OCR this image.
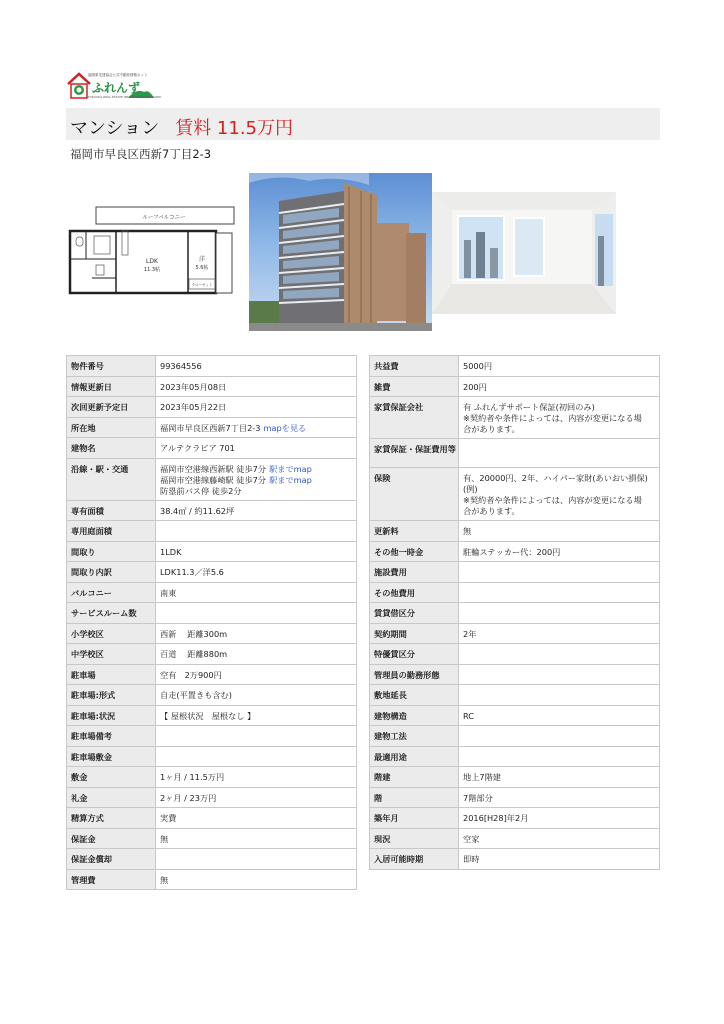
福岡県宅建協会公式不動産情報ネット
ふれんず
FUKUOKA REAL ESTATE INFORMATION NETWORK
マンション 賃料 11.5万円
福岡市早良区西新7丁目2-3
ルーフバルコニー
LDK
11.3帖
洋
5.6帖
クローゼット
物件番号	99364556
情報更新日	2023年05月08日
次回更新予定日	2023年05月22日
所在地	福岡市早良区西新7丁目2-3 mapを見る
建物名	アルテクラビア 701
沿線・駅・交通	福岡市空港線西新駅 徒歩7分 駅までmap
福岡市空港線藤崎駅 徒歩7分 駅までmap
防塁前バス停 徒歩2分

専有面積	38.4㎡ / 約11.62坪
専用庭面積	
間取り	1LDK
間取り内訳	LDK11.3／洋5.6
バルコニー	南東
サービスルーム数	
小学校区	西新　 距離300m
中学校区	百道　 距離880m
駐車場	空有　2万900円
駐車場:形式	自走(平置きも含む)
駐車場:状況	【 屋根状況　屋根なし 】
駐車場備考	
駐車場敷金	
敷金	1ヶ月 / 11.5万円
礼金	2ヶ月 / 23万円
精算方式	実費
保証金	無
保証金償却	
管理費	無
共益費	5000円
雑費	200円
家賃保証会社	有 ふれんずサポート保証(初回のみ)
※契約者や条件によっては、内容が変更になる場
合があります。

家賃保証・保証費用等	
保険	有、20000円、2年、ハイパー家財(あいおい損保)
(例)
※契約者や条件によっては、内容が変更になる場
合があります。

更新料	無
その他一時金	駐輪ステッカー代：200円
施設費用	
その他費用	
賃貸借区分	
契約期間	2年
特優賃区分	
管理員の勤務形態	
敷地延長	
建物構造	RC
建物工法	
最適用途	
階建	地上7階建
階	7階部分
築年月	2016[H28]年2月
現況	空家
入居可能時期	即時
